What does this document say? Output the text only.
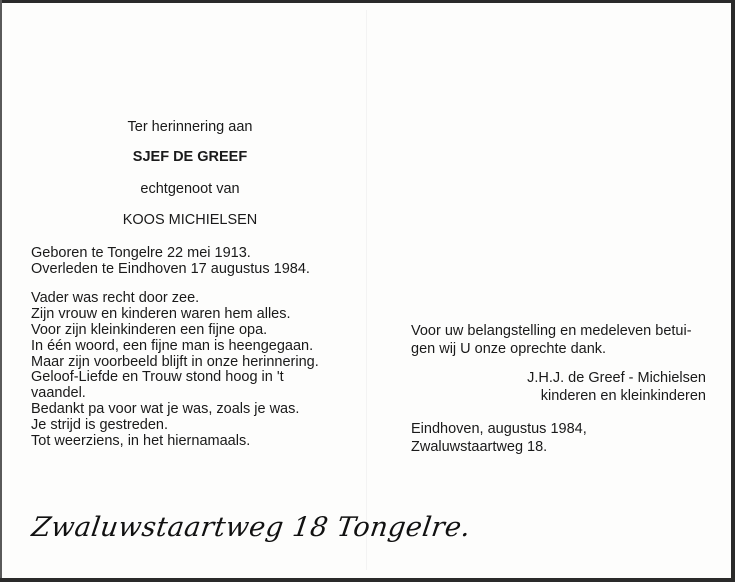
Ter herinnering aan
SJEF DE GREEF
echtgenoot van
KOOS MICHIELSEN
Geboren te Tongelre 22 mei 1913.
Overleden te Eindhoven 17 augustus 1984.
Vader was recht door zee.
Zijn vrouw en kinderen waren hem alles.
Voor zijn kleinkinderen een fijne opa.
In één woord, een fijne man is heengegaan.
Maar zijn voorbeeld blijft in onze herinnering.
Geloof-Liefde en Trouw stond hoog in 't
vaandel.
Bedankt pa voor wat je was, zoals je was.
Je strijd is gestreden.
Tot weerziens, in het hiernamaals.
Voor uw belangstelling en medeleven betui-
gen wij U onze oprechte dank.
J.H.J. de Greef - Michielsen
kinderen en kleinkinderen
Eindhoven, augustus 1984,
Zwaluwstaartweg 18.
Zwaluwstaartweg 18 Tongelre.
